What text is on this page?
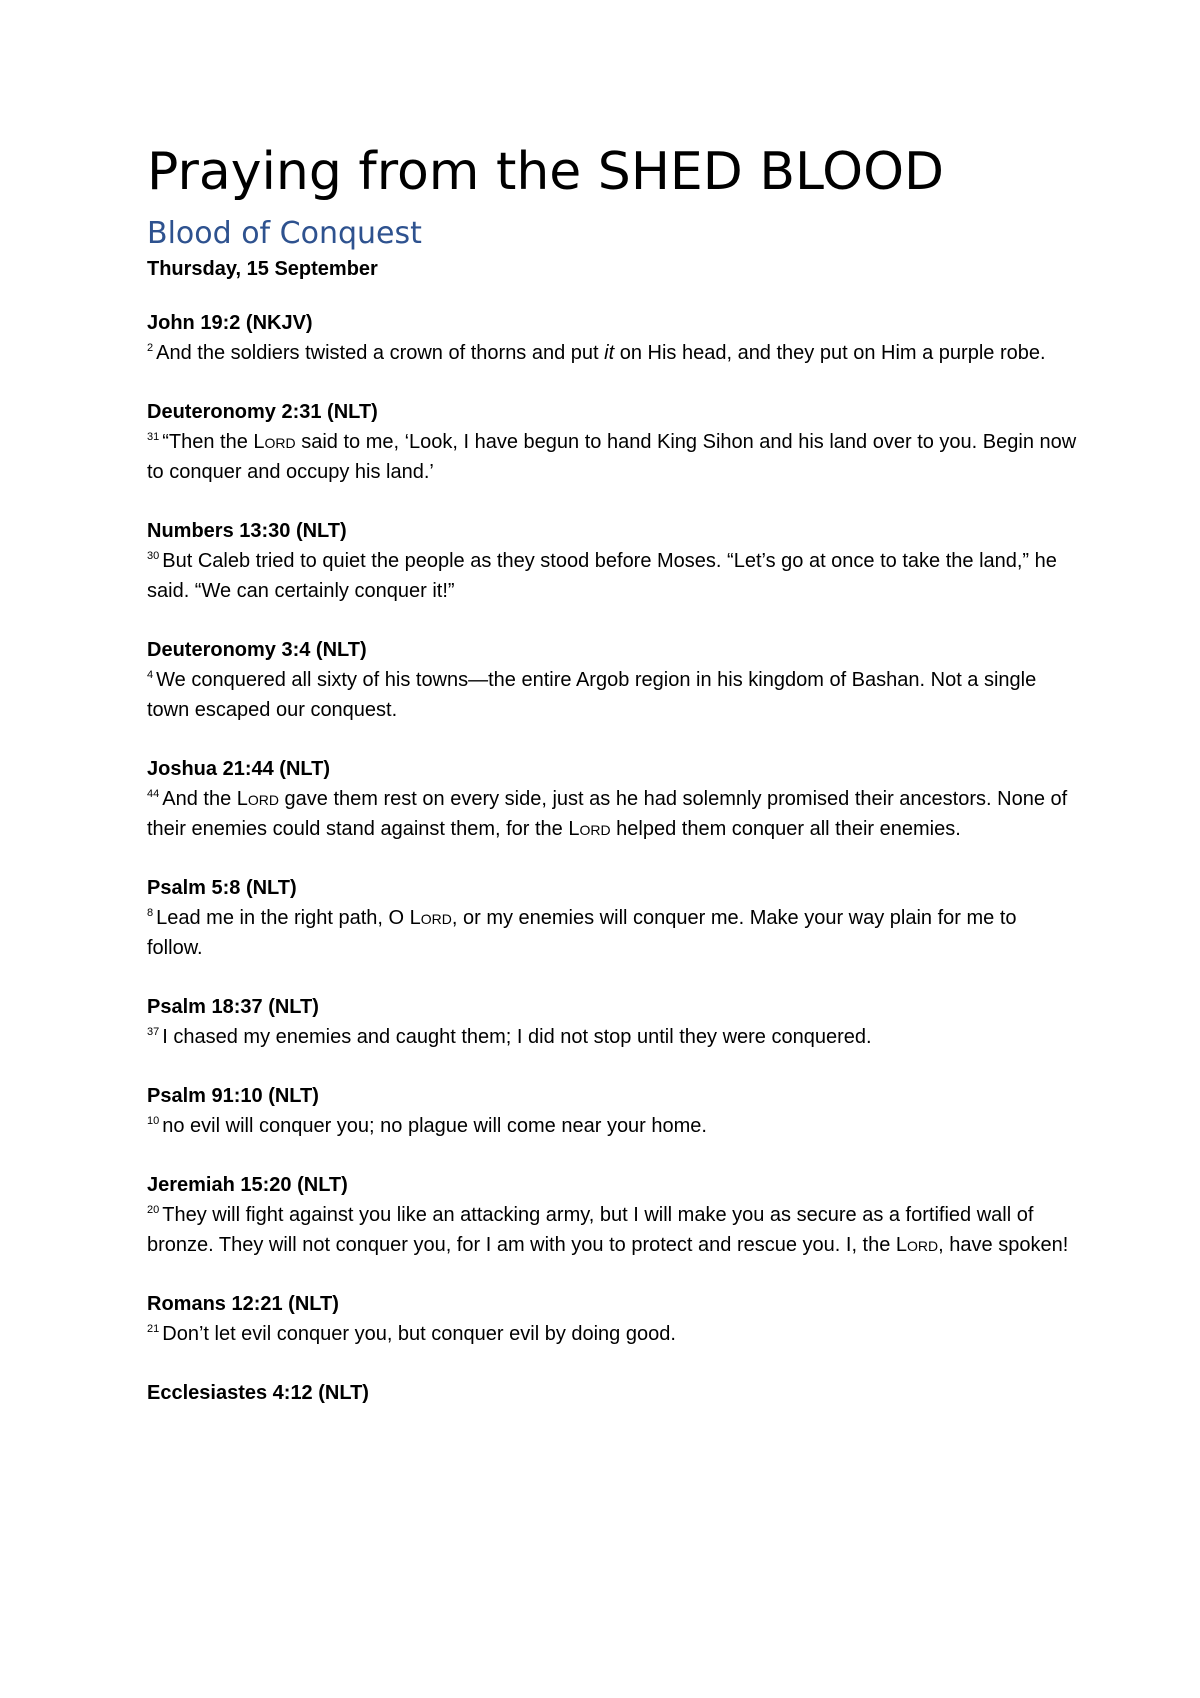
Praying from the SHED BLOOD
Blood of Conquest
Thursday, 15 September
John 19:2 (NKJV)
$^2$ And the soldiers twisted a crown of thorns and put it on His head, and they put on Him a purple robe.
Deuteronomy 2:31 (NLT)
$^{31}$ “Then the Lord said to me, ‘Look, I have begun to hand King Sihon and his land over to you. Begin now to conquer and occupy his land.’
Numbers 13:30 (NLT)
$^{30}$ But Caleb tried to quiet the people as they stood before Moses. “Let’s go at once to take the land,” he said. “We can certainly conquer it!”
Deuteronomy 3:4 (NLT)
$^4$ We conquered all sixty of his towns—the entire Argob region in his kingdom of Bashan. Not a single town escaped our conquest.
Joshua 21:44 (NLT)
$^{44}$ And the Lord gave them rest on every side, just as he had solemnly promised their ancestors. None of their enemies could stand against them, for the Lord helped them conquer all their enemies.
Psalm 5:8 (NLT)
$^8$ Lead me in the right path, O Lord, or my enemies will conquer me. Make your way plain for me to follow.
Psalm 18:37 (NLT)
$^{37}$ I chased my enemies and caught them; I did not stop until they were conquered.
Psalm 91:10 (NLT)
$^{10}$ no evil will conquer you; no plague will come near your home.
Jeremiah 15:20 (NLT)
$^{20}$ They will fight against you like an attacking army, but I will make you as secure as a fortified wall of bronze. They will not conquer you, for I am with you to protect and rescue you. I, the Lord, have spoken!
Romans 12:21 (NLT)
$^{21}$ Don’t let evil conquer you, but conquer evil by doing good.
Ecclesiastes 4:12 (NLT)
